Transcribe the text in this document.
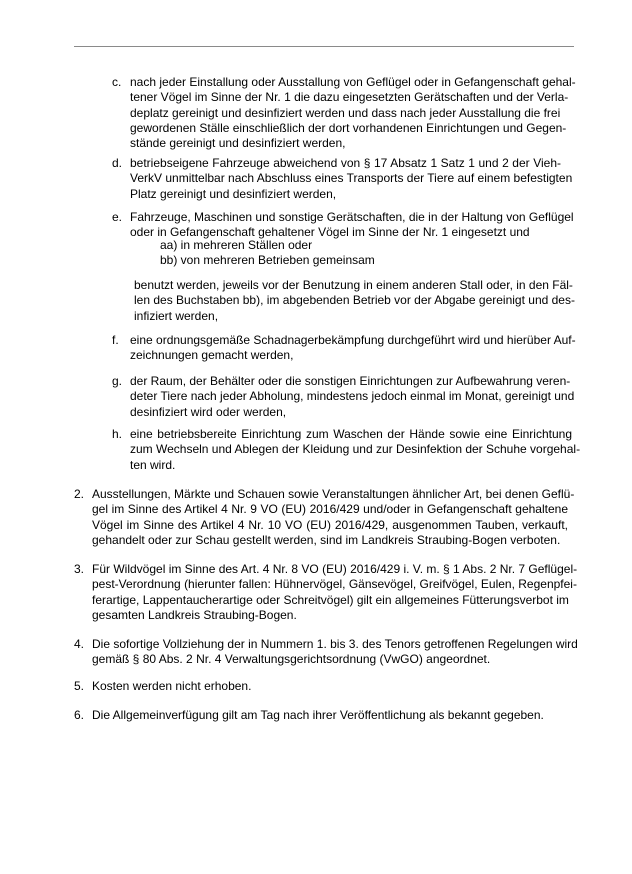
c. nach jeder Einstallung oder Ausstallung von Geflügel oder in Gefangenschaft gehal-
tener Vögel im Sinne der Nr. 1 die dazu eingesetzten Gerätschaften und der Verla-
deplatz gereinigt und desinfiziert werden und dass nach jeder Ausstallung die frei
gewordenen Ställe einschließlich der dort vorhandenen Einrichtungen und Gegen-
stände gereinigt und desinfiziert werden,
d. betriebseigene Fahrzeuge abweichend von § 17 Absatz 1 Satz 1 und 2 der Vieh-
VerkV unmittelbar nach Abschluss eines Transports der Tiere auf einem befestigten
Platz gereinigt und desinfiziert werden,
e. Fahrzeuge, Maschinen und sonstige Gerätschaften, die in der Haltung von Geflügel
oder in Gefangenschaft gehaltener Vögel im Sinne der Nr. 1 eingesetzt und
aa) in mehreren Ställen oder
bb) von mehreren Betrieben gemeinsam
benutzt werden, jeweils vor der Benutzung in einem anderen Stall oder, in den Fäl-
len des Buchstaben bb), im abgebenden Betrieb vor der Abgabe gereinigt und des-
infiziert werden,
f. eine ordnungsgemäße Schadnagerbekämpfung durchgeführt wird und hierüber Auf-
zeichnungen gemacht werden,
g. der Raum, der Behälter oder die sonstigen Einrichtungen zur Aufbewahrung veren-
deter Tiere nach jeder Abholung, mindestens jedoch einmal im Monat, gereinigt und
desinfiziert wird oder werden,
h. eine betriebsbereite Einrichtung zum Waschen der Hände sowie eine Einrichtung
zum Wechseln und Ablegen der Kleidung und zur Desinfektion der Schuhe vorgehal-
ten wird.
2. Ausstellungen, Märkte und Schauen sowie Veranstaltungen ähnlicher Art, bei denen Geflü-
gel im Sinne des Artikel 4 Nr. 9 VO (EU) 2016/429 und/oder in Gefangenschaft gehaltene
Vögel im Sinne des Artikel 4 Nr. 10 VO (EU) 2016/429, ausgenommen Tauben, verkauft,
gehandelt oder zur Schau gestellt werden, sind im Landkreis Straubing-Bogen verboten.
3. Für Wildvögel im Sinne des Art. 4 Nr. 8 VO (EU) 2016/429 i. V. m. § 1 Abs. 2 Nr. 7 Geflügel-
pest-Verordnung (hierunter fallen: Hühnervögel, Gänsevögel, Greifvögel, Eulen, Regenpfei-
ferartige, Lappentaucherartige oder Schreitvögel) gilt ein allgemeines Fütterungsverbot im
gesamten Landkreis Straubing-Bogen.
4. Die sofortige Vollziehung der in Nummern 1. bis 3. des Tenors getroffenen Regelungen wird
gemäß § 80 Abs. 2 Nr. 4 Verwaltungsgerichtsordnung (VwGO) angeordnet.
5. Kosten werden nicht erhoben.
6. Die Allgemeinverfügung gilt am Tag nach ihrer Veröffentlichung als bekannt gegeben.
